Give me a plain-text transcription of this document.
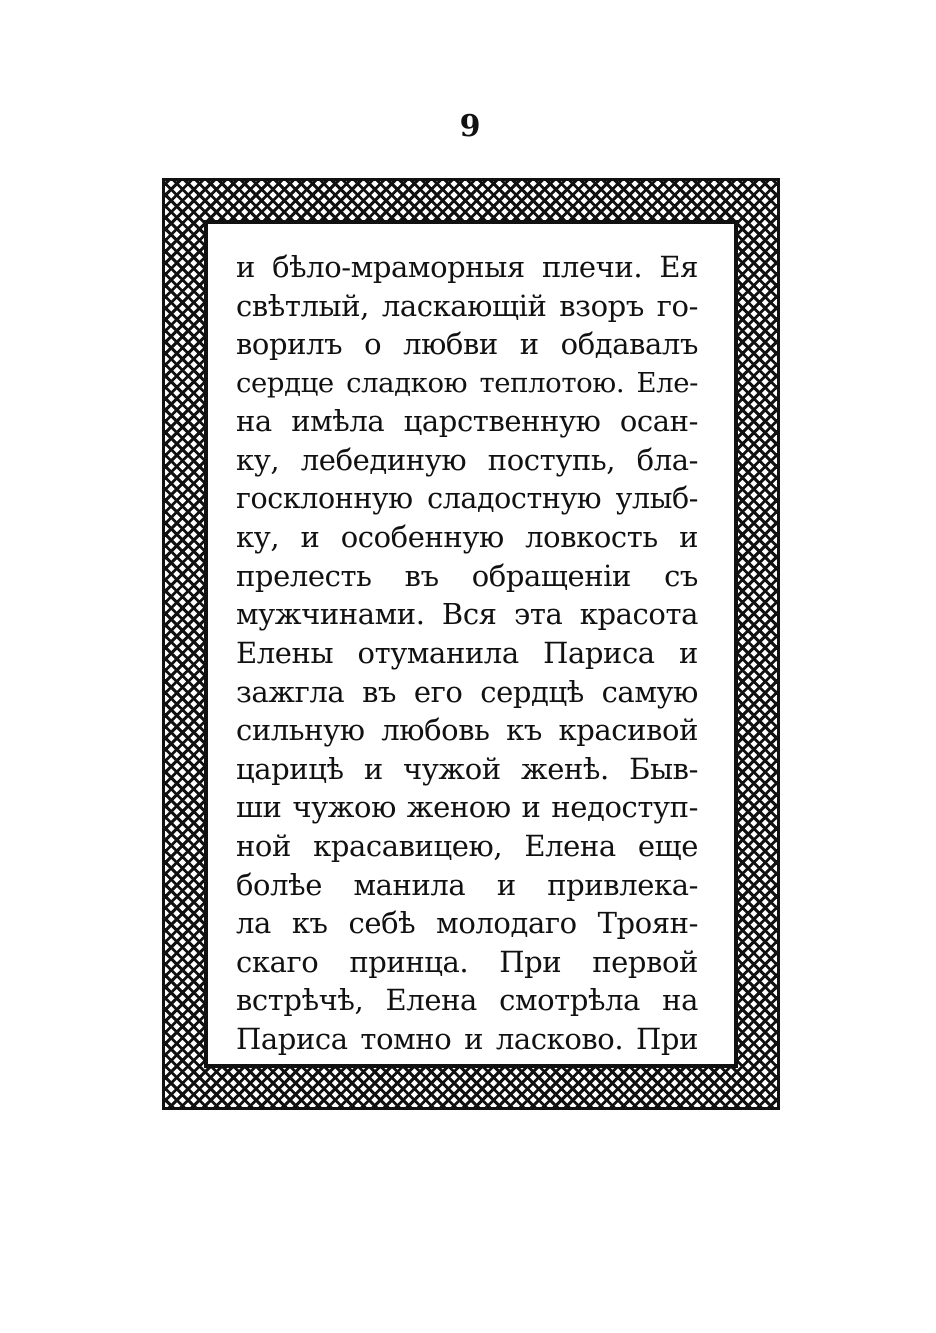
9
и бѣло-мраморныя плечи. Ея
свѣтлый, ласкающій взоръ го-
ворилъ о любви и обдавалъ
сердце сладкою теплотою. Еле-
на имѣла царственную осан-
ку, лебединую поступь, бла-
госклонную сладостную улыб-
ку, и особенную ловкость и
прелесть въ обращеніи съ
мужчинами. Вся эта красота
Елены отуманила Париса и
зажгла въ его сердцѣ самую
сильную любовь къ красивой
царицѣ и чужой женѣ. Быв-
ши чужою женою и недоступ-
ной красавицею, Елена еще
болѣе манила и привлека-
ла къ себѣ молодаго Троян-
скаго принца. При первой
встрѣчѣ, Елена смотрѣла на
Париса томно и ласково. При
